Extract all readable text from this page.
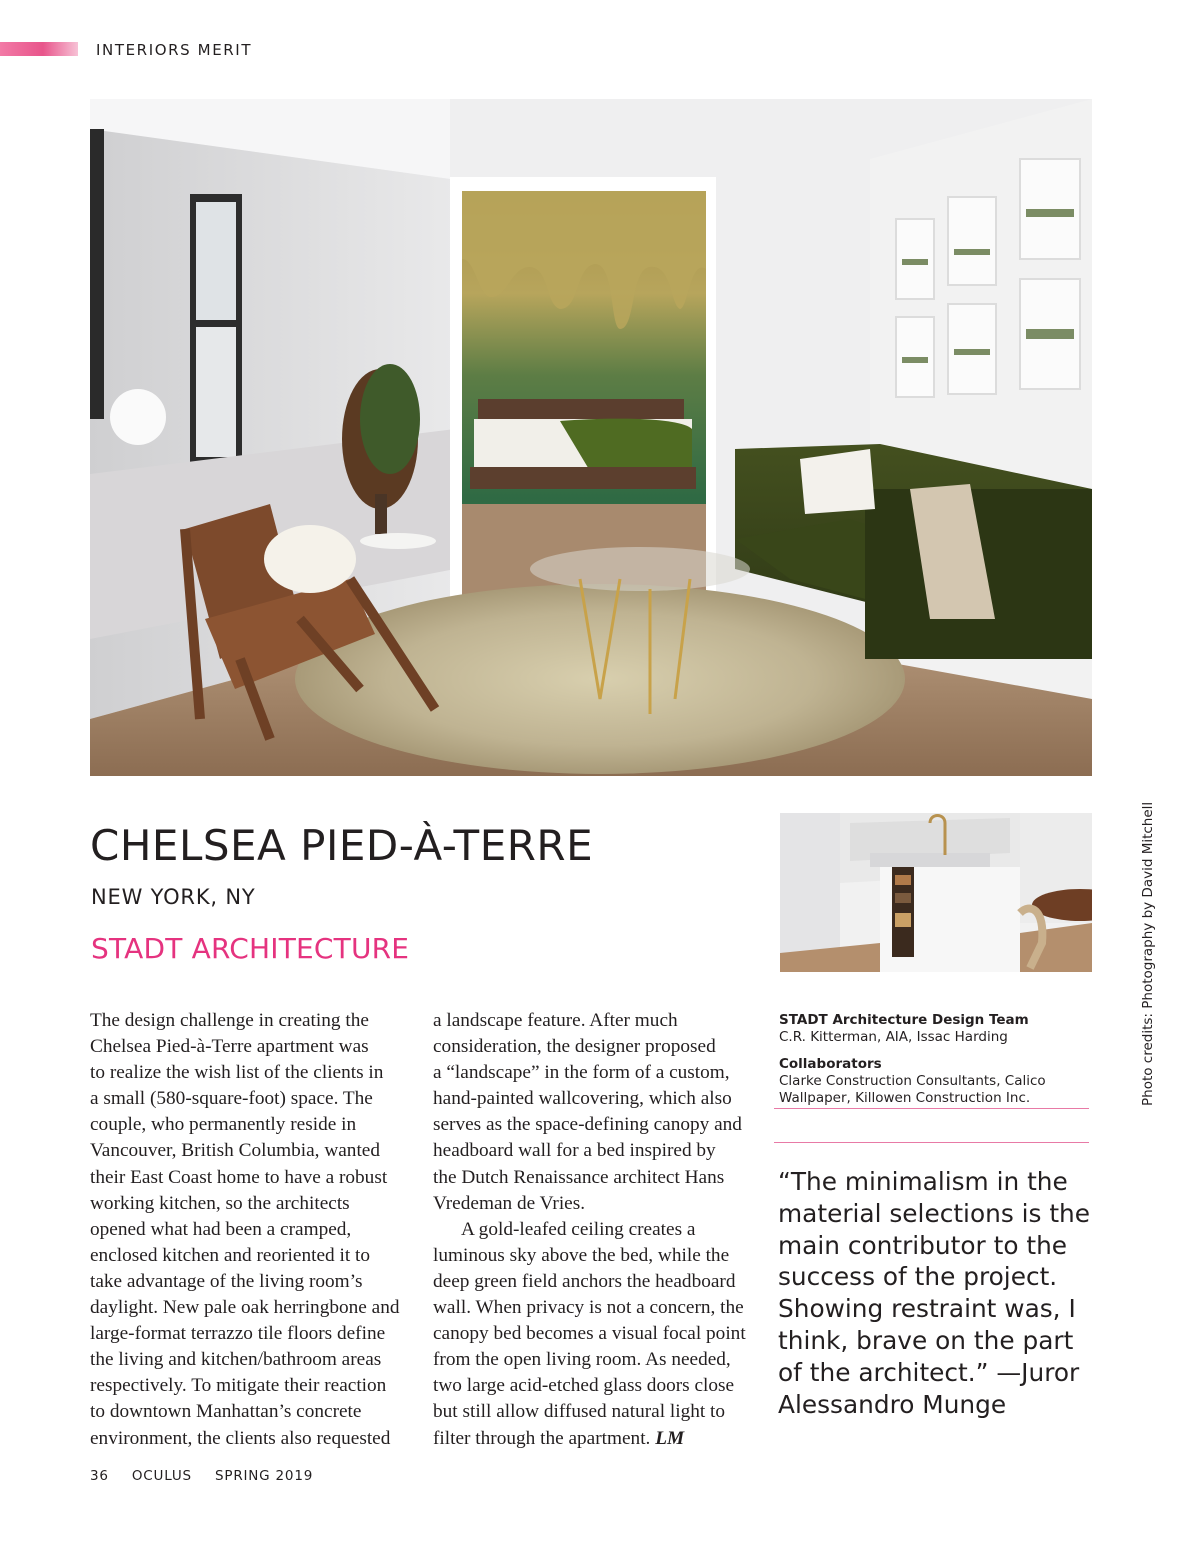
INTERIORS MERIT
CHELSEA PIED-À-TERRE
NEW YORK, NY
STADT ARCHITECTURE
The design challenge in creating the
Chelsea Pied-à-Terre apartment was
to realize the wish list of the clients in
a small (580-square-foot) space. The
couple, who permanently reside in
Vancouver, British Columbia, wanted
their East Coast home to have a robust
working kitchen, so the architects
opened what had been a cramped,
enclosed kitchen and reoriented it to
take advantage of the living room’s
daylight. New pale oak herringbone and
large-format terrazzo tile floors define
the living and kitchen/bathroom areas
respectively. To mitigate their reaction
to downtown Manhattan’s concrete
environment, the clients also requested

a landscape feature. After much
consideration, the designer proposed
a “landscape” in the form of a custom,
hand-painted wallcovering, which also
serves as the space-defining canopy and
headboard wall for a bed inspired by
the Dutch Renaissance architect Hans
Vredeman de Vries.

A gold-leafed ceiling creates a
luminous sky above the bed, while the
deep green field anchors the headboard
wall. When privacy is not a concern, the
canopy bed becomes a visual focal point
from the open living room. As needed,
two large acid-etched glass doors close
but still allow diffused natural light to
filter through the apartment. LM

STADT Architecture Design Team
C.R. Kitterman, AIA, Issac Harding
Collaborators
Clarke Construction Consultants, Calico
Wallpaper, Killowen Construction Inc.
“The minimalism in the
material selections is the
main contributor to the
success of the project.
Showing restraint was, I
think, brave on the part
of the architect.” —Juror
Alessandro Munge
Photo credits: Photography by David Mitchell
36 OCULUS SPRING 2019
